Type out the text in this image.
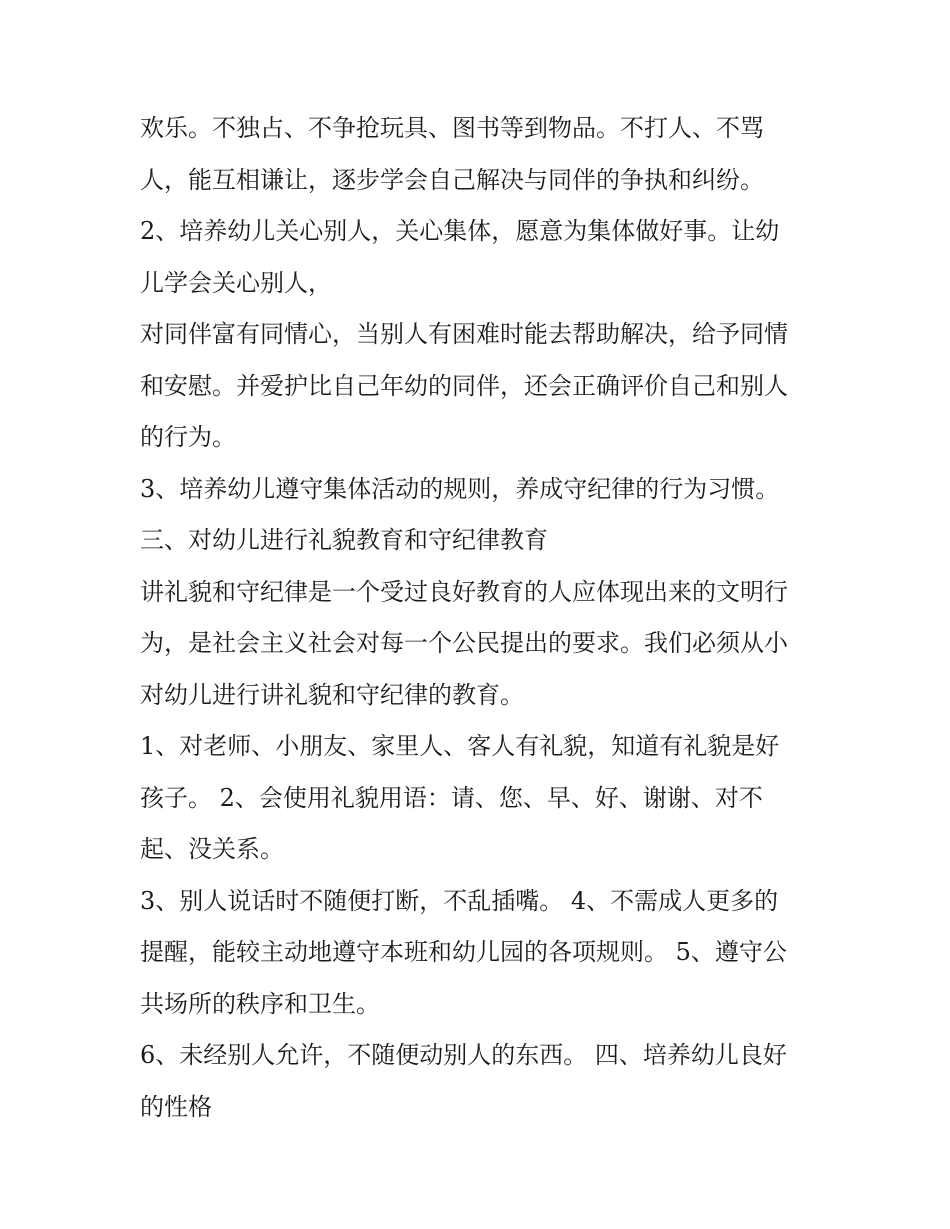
欢乐。不独占、不争抢玩具、图书等到物品。不打人、不骂

人，能互相谦让，逐步学会自己解决与同伴的争执和纠纷。

2、培养幼儿关心别人，关心集体，愿意为集体做好事。让幼

儿学会关心别人，

对同伴富有同情心，当别人有困难时能去帮助解决，给予同情

和安慰。并爱护比自己年幼的同伴，还会正确评价自己和别人

的行为。

3、培养幼儿遵守集体活动的规则，养成守纪律的行为习惯。

三、对幼儿进行礼貌教育和守纪律教育

讲礼貌和守纪律是一个受过良好教育的人应体现出来的文明行

为，是社会主义社会对每一个公民提出的要求。我们必须从小

对幼儿进行讲礼貌和守纪律的教育。

1、对老师、小朋友、家里人、客人有礼貌，知道有礼貌是好

孩子。 2、会使用礼貌用语：请、您、早、好、谢谢、对不

起、没关系。

3、别人说话时不随便打断，不乱插嘴。 4、不需成人更多的

提醒，能较主动地遵守本班和幼儿园的各项规则。 5、遵守公

共场所的秩序和卫生。

6、未经别人允许，不随便动别人的东西。 四、培养幼儿良好

的性格
